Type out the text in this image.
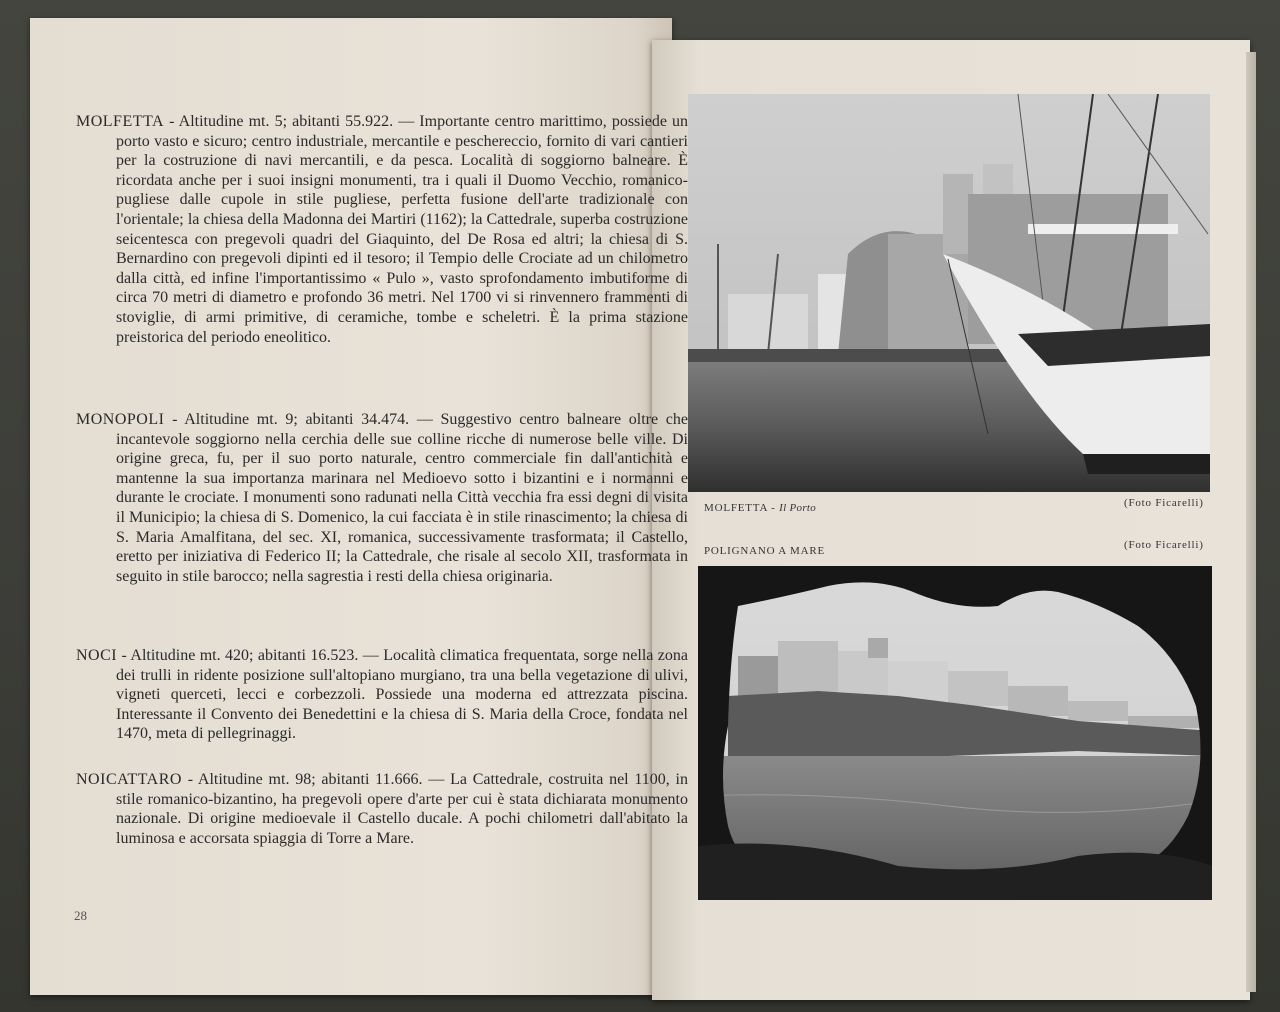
MOLFETTA - Altitudine mt. 5; abitanti 55.922. — Importante centro marittimo, possiede un porto vasto e sicuro; centro industriale, mercantile e peschereccio, fornito di vari cantieri per la costruzione di navi mercantili, e da pesca. Località di soggiorno balneare. È ricordata anche per i suoi insigni monumenti, tra i quali il Duomo Vecchio, romanico-pugliese dalle cupole in stile pugliese, perfetta fusione dell'arte tradizionale con l'orientale; la chiesa della Madonna dei Martiri (1162); la Cattedrale, superba costruzione seicentesca con pregevoli quadri del Giaquinto, del De Rosa ed altri; la chiesa di S. Bernardino con pregevoli dipinti ed il tesoro; il Tempio delle Crociate ad un chilometro dalla città, ed infine l'importantissimo « Pulo », vasto sprofondamento imbutiforme di circa 70 metri di diametro e profondo 36 metri. Nel 1700 vi si rinvennero frammenti di stoviglie, di armi primitive, di ceramiche, tombe e scheletri. È la prima stazione preistorica del periodo eneolitico.

MONOPOLI - Altitudine mt. 9; abitanti 34.474. — Suggestivo centro balneare oltre che incantevole soggiorno nella cerchia delle sue colline ricche di numerose belle ville. Di origine greca, fu, per il suo porto naturale, centro commerciale fin dall'antichità e mantenne la sua importanza marinara nel Medioevo sotto i bizantini e i normanni e durante le crociate. I monumenti sono radunati nella Città vecchia fra essi degni di visita il Municipio; la chiesa di S. Domenico, la cui facciata è in stile rinascimento; la chiesa di S. Maria Amalfitana, del sec. XI, romanica, successivamente trasformata; il Castello, eretto per iniziativa di Federico II; la Cattedrale, che risale al secolo XII, trasformata in seguito in stile barocco; nella sagrestia i resti della chiesa originaria.

NOCI - Altitudine mt. 420; abitanti 16.523. — Località climatica frequentata, sorge nella zona dei trulli in ridente posizione sull'altopiano murgiano, tra una bella vegetazione di ulivi, vigneti querceti, lecci e corbezzoli. Possiede una moderna ed attrezzata piscina. Interessante il Convento dei Benedettini e la chiesa di S. Maria della Croce, fondata nel 1470, meta di pellegrinaggi.

NOICATTARO - Altitudine mt. 98; abitanti 11.666. — La Cattedrale, costruita nel 1100, in stile romanico-bizantino, ha pregevoli opere d'arte per cui è stata dichiarata monumento nazionale. Di origine medioevale il Castello ducale. A pochi chilometri dall'abitato la luminosa e accorsata spiaggia di Torre a Mare.

28
MOLFETTA - Il Porto	(Foto Ficarelli)
POLIGNANO A MARE	(Foto Ficarelli)
